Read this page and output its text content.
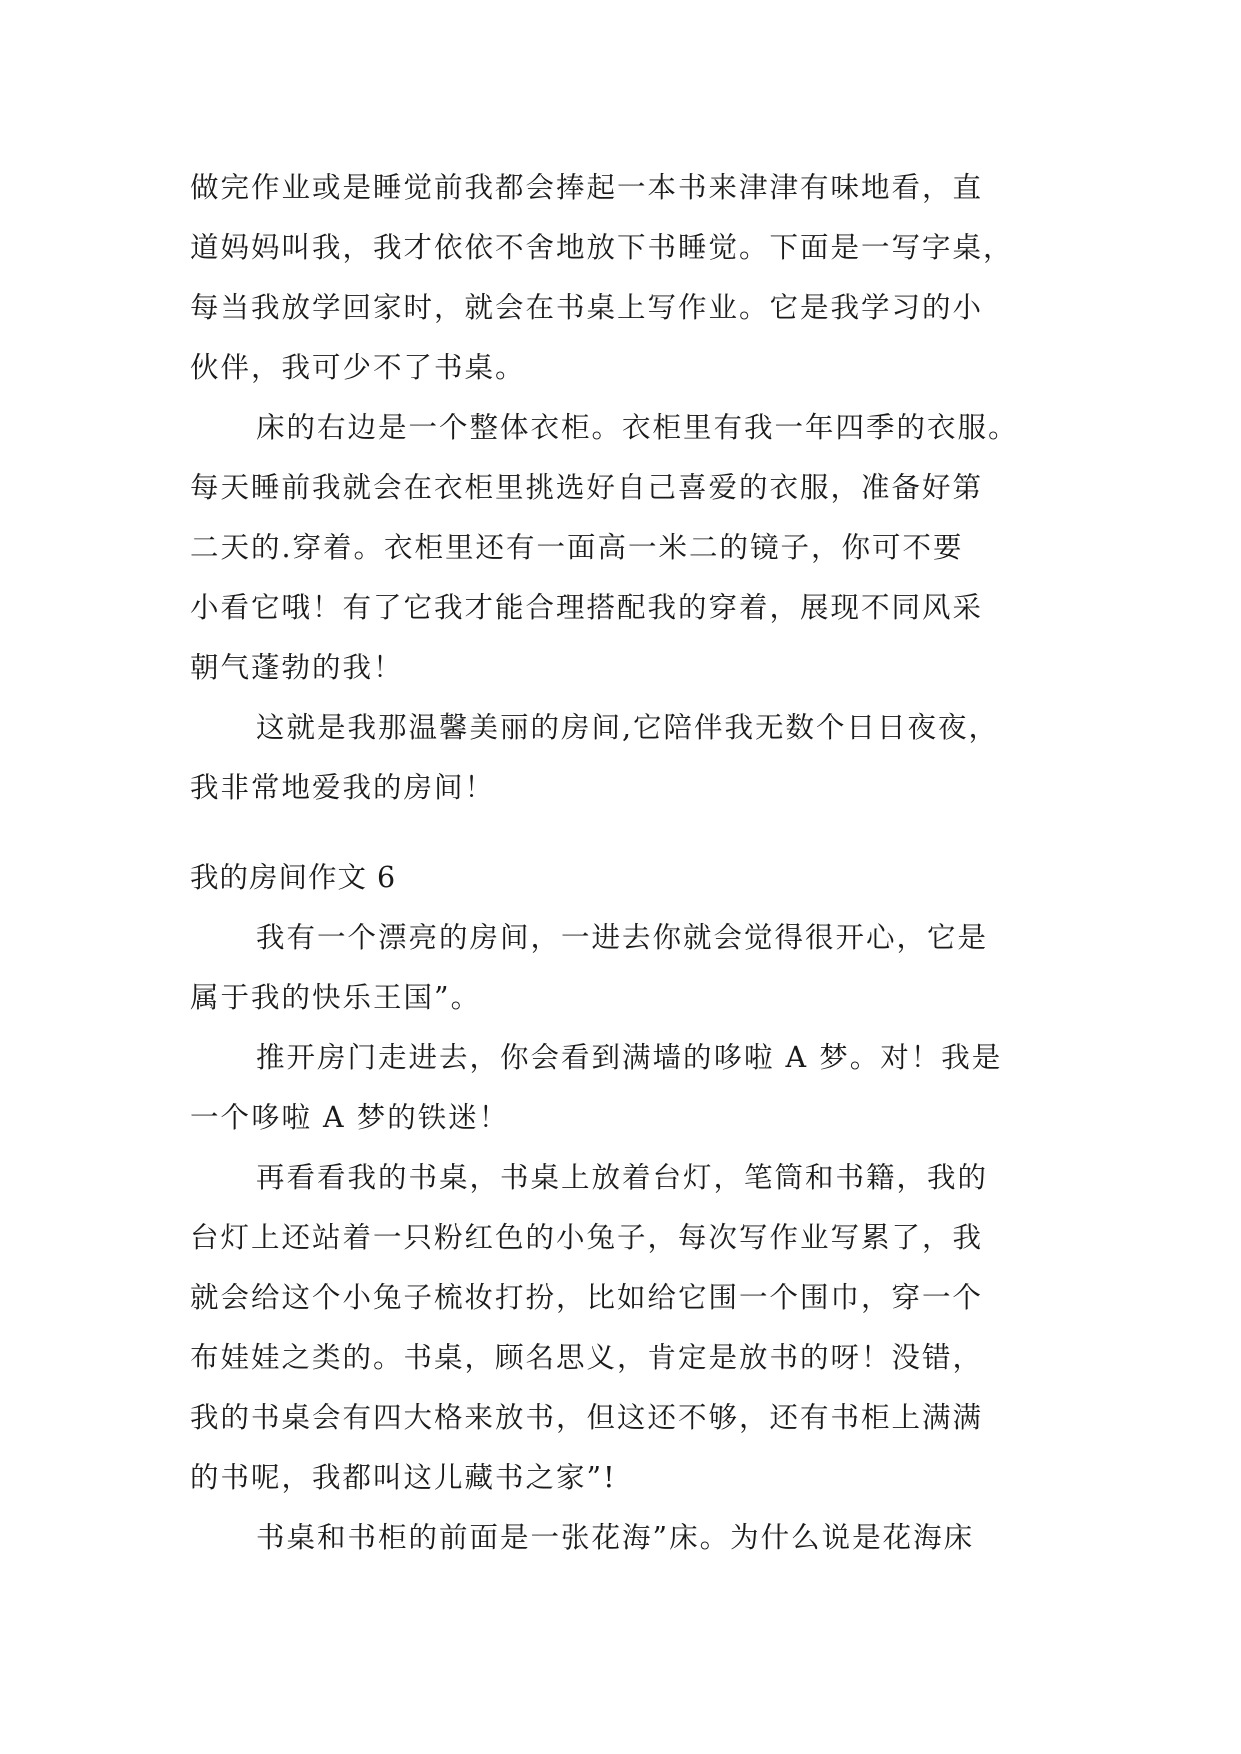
做完作业或是睡觉前我都会捧起一本书来津津有味地看，直
道妈妈叫我，我才依依不舍地放下书睡觉。下面是一写字桌，
每当我放学回家时，就会在书桌上写作业。它是我学习的小
伙伴，我可少不了书桌。
床的右边是一个整体衣柜。衣柜里有我一年四季的衣服。
每天睡前我就会在衣柜里挑选好自己喜爱的衣服，准备好第
二天的.穿着。衣柜里还有一面高一米二的镜子，你可不要
小看它哦！有了它我才能合理搭配我的穿着，展现不同风采
朝气蓬勃的我！
这就是我那温馨美丽的房间,它陪伴我无数个日日夜夜，
我非常地爱我的房间！
我的房间作文 6
我有一个漂亮的房间，一进去你就会觉得很开心，它是
属于我的快乐王国”。
推开房门走进去，你会看到满墙的哆啦 A 梦。对！我是
一个哆啦 A 梦的铁迷！
再看看我的书桌，书桌上放着台灯，笔筒和书籍，我的
台灯上还站着一只粉红色的小兔子，每次写作业写累了，我
就会给这个小兔子梳妆打扮，比如给它围一个围巾，穿一个
布娃娃之类的。书桌，顾名思义，肯定是放书的呀！没错，
我的书桌会有四大格来放书，但这还不够，还有书柜上满满
的书呢，我都叫这儿藏书之家”!
书桌和书柜的前面是一张花海”床。为什么说是花海床
